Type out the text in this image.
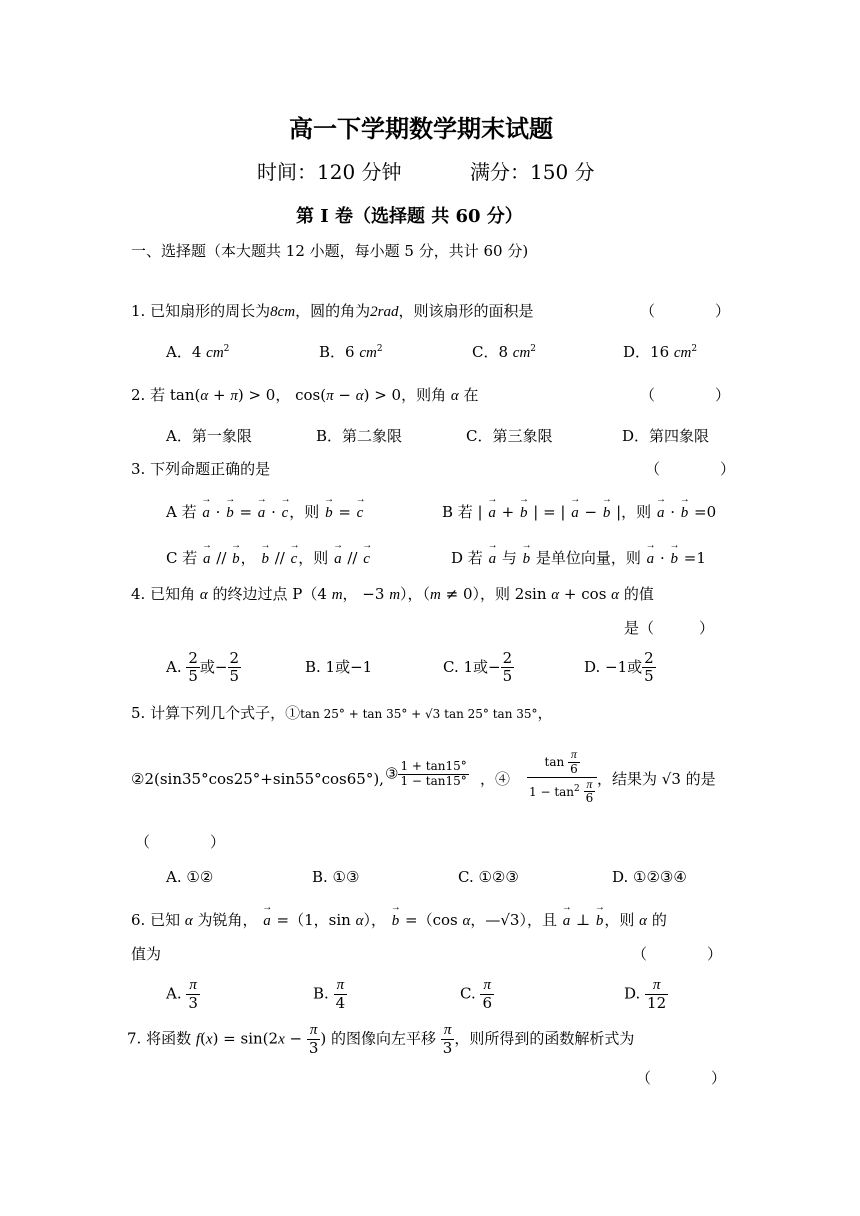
高一下学期数学期末试题
时间：120 分钟	满分：150 分
第 I 卷（选择题 共 60 分）
一、选择题（本大题共 12 小题，每小题 5 分，共计 60 分)
1. 已知扇形的周长为8cm，圆的角为2rad，则该扇形的面积是	（　　　　）
A．4 $cm^2$	B．6 $cm^2$	C．8 $cm^2$	D．16 $cm^2$
2. 若 tan(α + π) > 0， cos(π − α) > 0，则角 α 在	（　　　　）
A．第一象限	B．第二象限	C．第三象限	D．第四象限
3. 下列命题正确的是	（　　　　）
A 若 → a · → b = → a · → c，则 → b = → c	B 若 | → a + → b | = | → a − → b |，则 → a · → b =0
C 若 → a // → b， → b // → c，则 → a // → c	D 若 → a 与 → b 是单位向量，则 → a · → b =1
4. 已知角 α 的终边过点 P（4 m， −3 m），（m ≠ 0），则 2sin α + cos α 的值
是（　　　）
A. $\frac{2}{5}$ 或− $\frac{2}{5}$	B. 1或−1	C. 1或− $\frac{2}{5}$	D. −1或 $\frac{2}{5}$
5. 计算下列几个式子，①tan 25° + tan 35° + √3 tan 25° tan 35°，
②2(sin35°cos25°+sin55°cos65°), ③ $\frac{1 + \tan 15^\circ}{1 - \tan 15^\circ}$ ，④ $\frac{\tan \frac{\pi}{6}}{1 - \tan^2 \frac{\pi}{6}}$ ，结果为 √3 的是
（　　　　）
A. ①②	B. ①③	C. ①②③	D. ①②③④
6. 已知 α 为锐角， → a =（1，sin α）， → b =（cos α，—√3），且 → a ⊥ → b，则 α 的
值为	（　　　　）
A. $\frac{\pi}{3}$	B. $\frac{\pi}{4}$	C. $\frac{\pi}{6}$	D. $\frac{\pi}{12}$
7. 将函数 $f(x) = \sin(2x - \frac{\pi}{3}$ ) 的图像向左平移 $\frac{\pi}{3}$ ，则所得到的函数解析式为
（　　　　）
